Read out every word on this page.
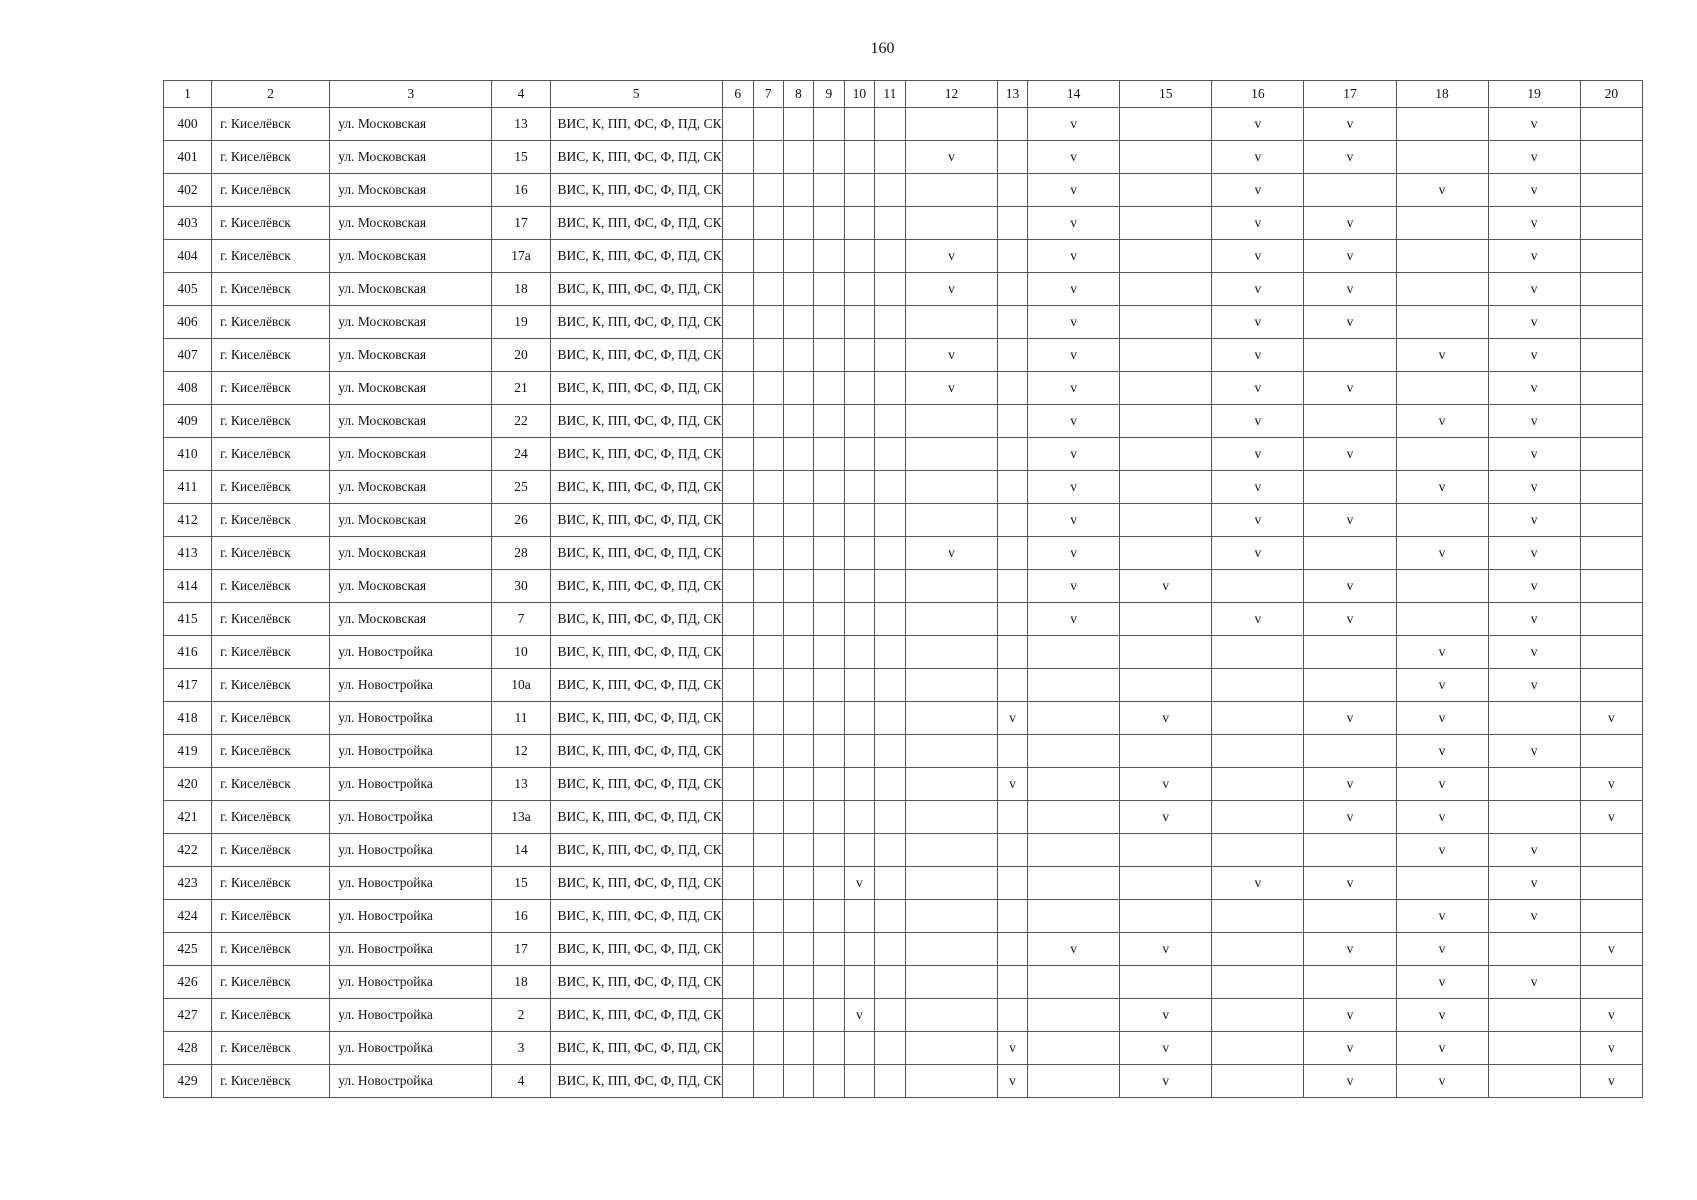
160
1	2	3	4	5	6	7	8	9	10	11	12	13	14	15	16	17	18	19	20
400	г. Киселёвск	ул. Московская	13	ВИС, К, ПП, ФС, Ф, ПД, СК									v		v	v		v	
401	г. Киселёвск	ул. Московская	15	ВИС, К, ПП, ФС, Ф, ПД, СК							v		v		v	v		v	
402	г. Киселёвск	ул. Московская	16	ВИС, К, ПП, ФС, Ф, ПД, СК									v		v		v	v	
403	г. Киселёвск	ул. Московская	17	ВИС, К, ПП, ФС, Ф, ПД, СК									v		v	v		v	
404	г. Киселёвск	ул. Московская	17а	ВИС, К, ПП, ФС, Ф, ПД, СК							v		v		v	v		v	
405	г. Киселёвск	ул. Московская	18	ВИС, К, ПП, ФС, Ф, ПД, СК							v		v		v	v		v	
406	г. Киселёвск	ул. Московская	19	ВИС, К, ПП, ФС, Ф, ПД, СК									v		v	v		v	
407	г. Киселёвск	ул. Московская	20	ВИС, К, ПП, ФС, Ф, ПД, СК							v		v		v		v	v	
408	г. Киселёвск	ул. Московская	21	ВИС, К, ПП, ФС, Ф, ПД, СК							v		v		v	v		v	
409	г. Киселёвск	ул. Московская	22	ВИС, К, ПП, ФС, Ф, ПД, СК									v		v		v	v	
410	г. Киселёвск	ул. Московская	24	ВИС, К, ПП, ФС, Ф, ПД, СК									v		v	v		v	
411	г. Киселёвск	ул. Московская	25	ВИС, К, ПП, ФС, Ф, ПД, СК									v		v		v	v	
412	г. Киселёвск	ул. Московская	26	ВИС, К, ПП, ФС, Ф, ПД, СК									v		v	v		v	
413	г. Киселёвск	ул. Московская	28	ВИС, К, ПП, ФС, Ф, ПД, СК							v		v		v		v	v	
414	г. Киселёвск	ул. Московская	30	ВИС, К, ПП, ФС, Ф, ПД, СК									v	v		v		v	
415	г. Киселёвск	ул. Московская	7	ВИС, К, ПП, ФС, Ф, ПД, СК									v		v	v		v	
416	г. Киселёвск	ул. Новостройка	10	ВИС, К, ПП, ФС, Ф, ПД, СК													v	v	
417	г. Киселёвск	ул. Новостройка	10а	ВИС, К, ПП, ФС, Ф, ПД, СК													v	v	
418	г. Киселёвск	ул. Новостройка	11	ВИС, К, ПП, ФС, Ф, ПД, СК								v		v		v	v		v
419	г. Киселёвск	ул. Новостройка	12	ВИС, К, ПП, ФС, Ф, ПД, СК													v	v	
420	г. Киселёвск	ул. Новостройка	13	ВИС, К, ПП, ФС, Ф, ПД, СК								v		v		v	v		v
421	г. Киселёвск	ул. Новостройка	13а	ВИС, К, ПП, ФС, Ф, ПД, СК										v		v	v		v
422	г. Киселёвск	ул. Новостройка	14	ВИС, К, ПП, ФС, Ф, ПД, СК													v	v	
423	г. Киселёвск	ул. Новостройка	15	ВИС, К, ПП, ФС, Ф, ПД, СК					v						v	v		v	
424	г. Киселёвск	ул. Новостройка	16	ВИС, К, ПП, ФС, Ф, ПД, СК													v	v	
425	г. Киселёвск	ул. Новостройка	17	ВИС, К, ПП, ФС, Ф, ПД, СК									v	v		v	v		v
426	г. Киселёвск	ул. Новостройка	18	ВИС, К, ПП, ФС, Ф, ПД, СК													v	v	
427	г. Киселёвск	ул. Новостройка	2	ВИС, К, ПП, ФС, Ф, ПД, СК					v					v		v	v		v
428	г. Киселёвск	ул. Новостройка	3	ВИС, К, ПП, ФС, Ф, ПД, СК								v		v		v	v		v
429	г. Киселёвск	ул. Новостройка	4	ВИС, К, ПП, ФС, Ф, ПД, СК								v		v		v	v		v
